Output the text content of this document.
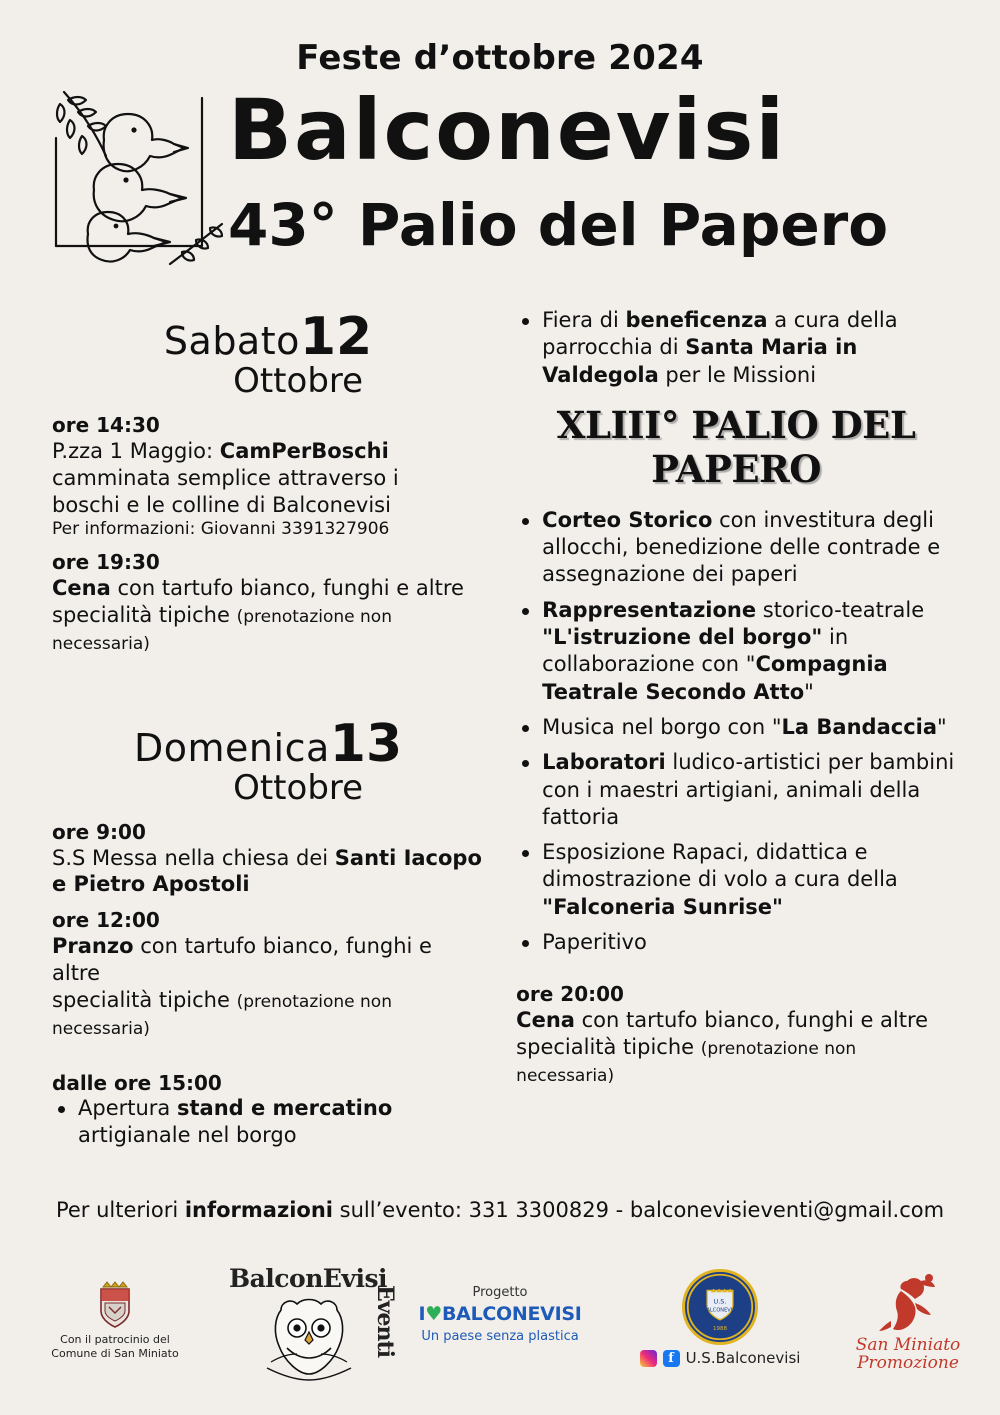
Feste d’ottobre 2024
Balconevisi
43° Palio del Papero
Sabato12
Ottobre
ore 14:30
P.zza 1 Maggio: CamPerBoschi
camminata semplice attraverso i
boschi e le colline di Balconevisi
Per informazioni: Giovanni 3391327906
ore 19:30
Cena con tartufo bianco, funghi e altre
specialità tipiche (prenotazione non necessaria)
Domenica13
Ottobre
ore 9:00
S.S Messa nella chiesa dei Santi Iacopo
e Pietro Apostoli
ore 12:00
Pranzo con tartufo bianco, funghi e altre
specialità tipiche (prenotazione non necessaria)
dalle ore 15:00
Apertura stand e mercatino
artigianale nel borgo
Fiera di beneficenza a cura della parrocchia di Santa Maria in Valdegola per le Missioni
XLIII° PALIO DEL PAPERO
Corteo Storico con investitura degli allocchi, benedizione delle contrade e assegnazione dei paperi
Rappresentazione storico-teatrale "L'istruzione del borgo" in collaborazione con "Compagnia Teatrale Secondo Atto"
Musica nel borgo con "La Bandaccia"
Laboratori ludico-artistici per bambini con i maestri artigiani, animali della fattoria
Esposizione Rapaci, didattica e dimostrazione di volo a cura della "Falconeria Sunrise"
Paperitivo
ore 20:00
Cena con tartufo bianco, funghi e altre
specialità tipiche (prenotazione non necessaria)
Per ulteriori informazioni sull’evento: 331 3300829 - balconevisieventi@gmail.com
Con il patrocinio del
Comune di San Miniato
BalconEvisi
Eventi	Progetto
I♥BALCONEVISI
Un paese senza plastica
U.S.
BALCONEVISI
1988
f U.S.Balconevisi
San Miniato
Promozione
